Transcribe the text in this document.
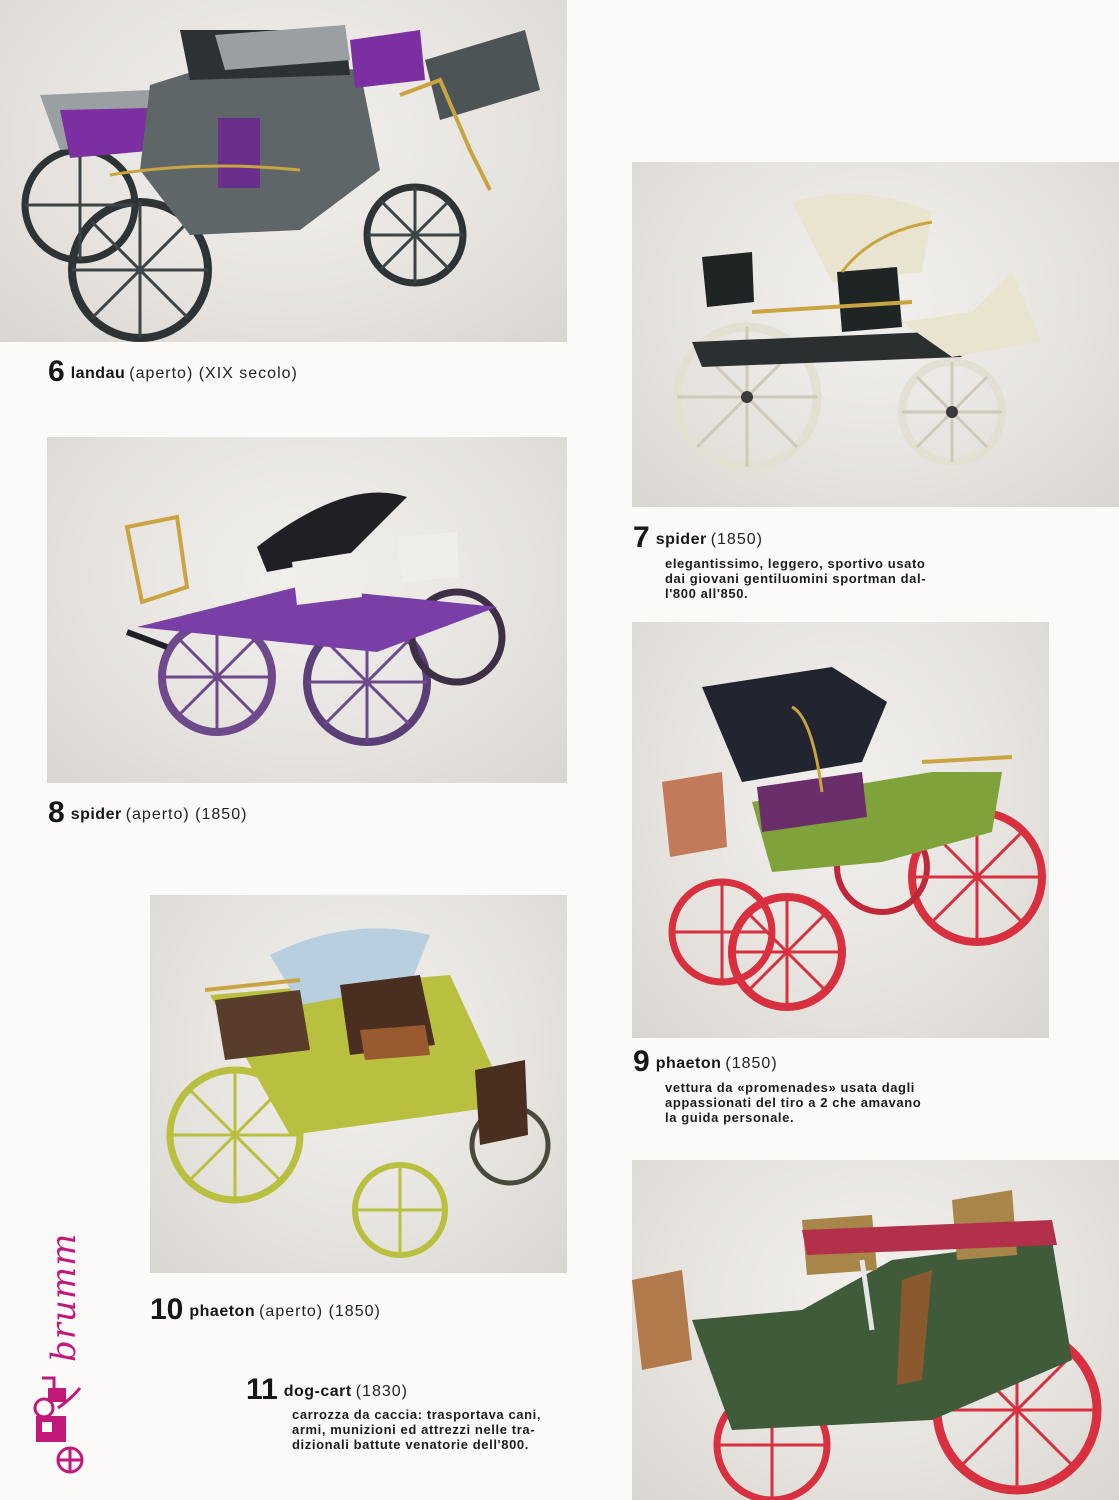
6 landau (aperto) (XIX secolo)
7 spider (1850)
elegantissimo, leggero, sportivo usato
dai giovani gentiluomini sportman dal-
l'800 all'850.
8 spider (aperto) (1850)
9 phaeton (1850)
vettura da «promenades» usata dagli
appassionati del tiro a 2 che amavano
la guida personale.
10 phaeton (aperto) (1850)
11 dog-cart (1830)
carrozza da caccia: trasportava cani,
armi, munizioni ed attrezzi nelle tra-
dizionali battute venatorie dell'800.
brumm
